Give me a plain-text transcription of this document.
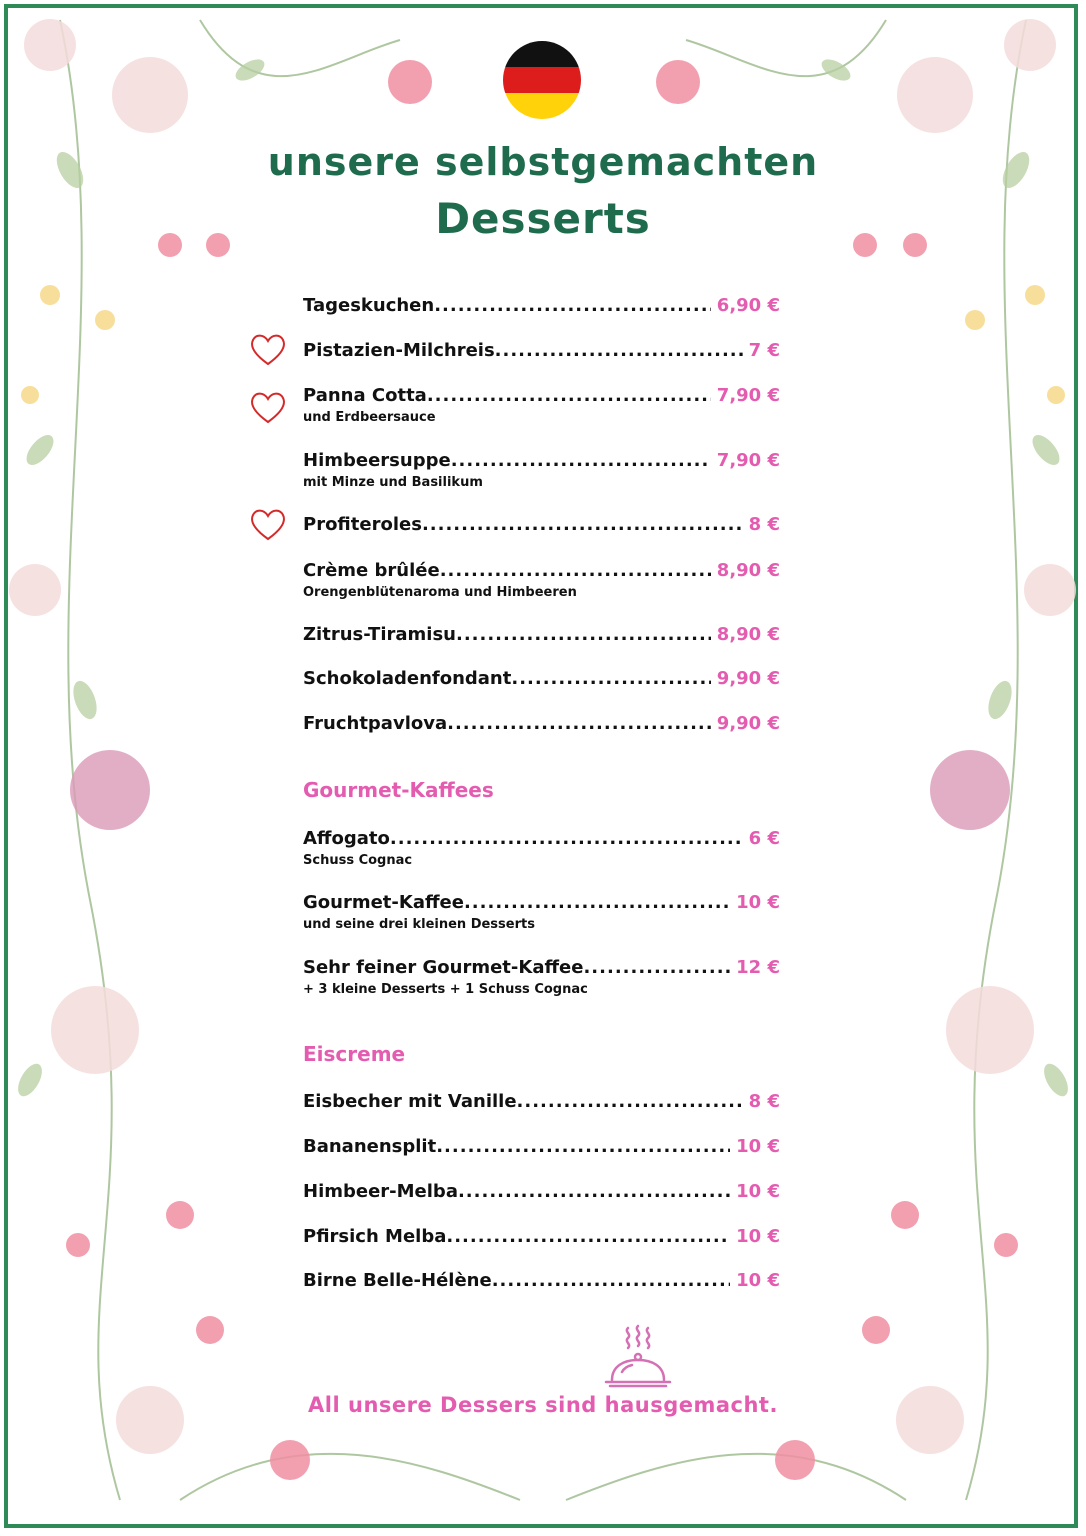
unsere selbstgemachten
Desserts
Tageskuchen .....	6,90 €
Pistazien-Milchreis .....	7 €
Panna Cotta .....	7,90 €
und Erdbeersauce
Himbeersuppe .....	7,90 €
mit Minze und Basilikum
Profiteroles .....	8 €
Crème brûlée .....	8,90 €
Orengenblütenaroma und Himbeeren
Zitrus-Tiramisu .....	8,90 €
Schokoladenfondant .....	9,90 €
Fruchtpavlova .....	9,90 €
Gourmet-Kaffees
Affogato .....	6 €
Schuss Cognac
Gourmet-Kaffee .....	10 €
und seine drei kleinen Desserts
Sehr feiner Gourmet-Kaffee .....	12 €
+ 3 kleine Desserts + 1 Schuss Cognac
Eiscreme
Eisbecher mit Vanille .....	8 €
Bananensplit .....	10 €
Himbeer-Melba .....	10 €
Pfirsich Melba .....	10 €
Birne Belle-Hélène .....	10 €
All unsere Dessers sind hausgemacht.
